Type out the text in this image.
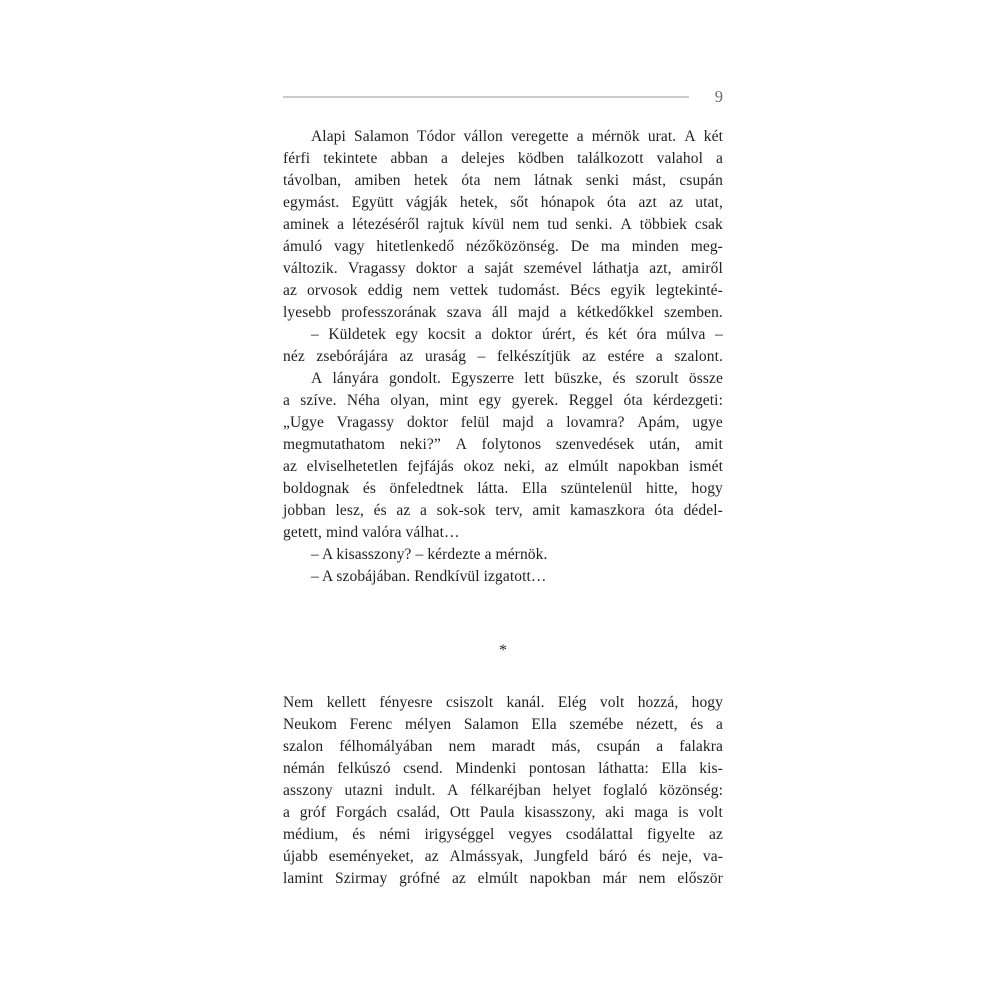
9

Alapi Salamon Tódor vállon veregette a mérnök urat. A két
férfi tekintete abban a delejes ködben találkozott valahol a
távolban, amiben hetek óta nem látnak senki mást, csupán
egymást. Együtt vágják hetek, sőt hónapok óta azt az utat,
aminek a létezéséről rajtuk kívül nem tud senki. A többiek csak
ámuló vagy hitetlenkedő nézőközönség. De ma minden meg-
változik. Vragassy doktor a saját szemével láthatja azt, amiről
az orvosok eddig nem vettek tudomást. Bécs egyik legtekinté-
lyesebb professzorának szava áll majd a kétkedőkkel szemben.

– Küldetek egy kocsit a doktor úrért, és két óra múlva –
néz zsebórájára az uraság – felkészítjük az estére a szalont.

A lányára gondolt. Egyszerre lett büszke, és szorult össze
a szíve. Néha olyan, mint egy gyerek. Reggel óta kérdezgeti:
„Ugye Vragassy doktor felül majd a lovamra? Apám, ugye
megmutathatom neki?” A folytonos szenvedések után, amit
az elviselhetetlen fejfájás okoz neki, az elmúlt napokban ismét
boldognak és önfeledtnek látta. Ella szüntelenül hitte, hogy
jobban lesz, és az a sok-sok terv, amit kamaszkora óta dédel-
getett, mind valóra válhat…

– A kisasszony? – kérdezte a mérnök.

– A szobájában. Rendkívül izgatott…

*

Nem kellett fényesre csiszolt kanál. Elég volt hozzá, hogy
Neukom Ferenc mélyen Salamon Ella szemébe nézett, és a
szalon félhomályában nem maradt más, csupán a falakra
némán felkúszó csend. Mindenki pontosan láthatta: Ella kis-
asszony utazni indult. A félkaréjban helyet foglaló közönség:
a gróf Forgách család, Ott Paula kisasszony, aki maga is volt
médium, és némi irigységgel vegyes csodálattal figyelte az
újabb eseményeket, az Almássyak, Jungfeld báró és neje, va-
lamint Szirmay grófné az elmúlt napokban már nem először
